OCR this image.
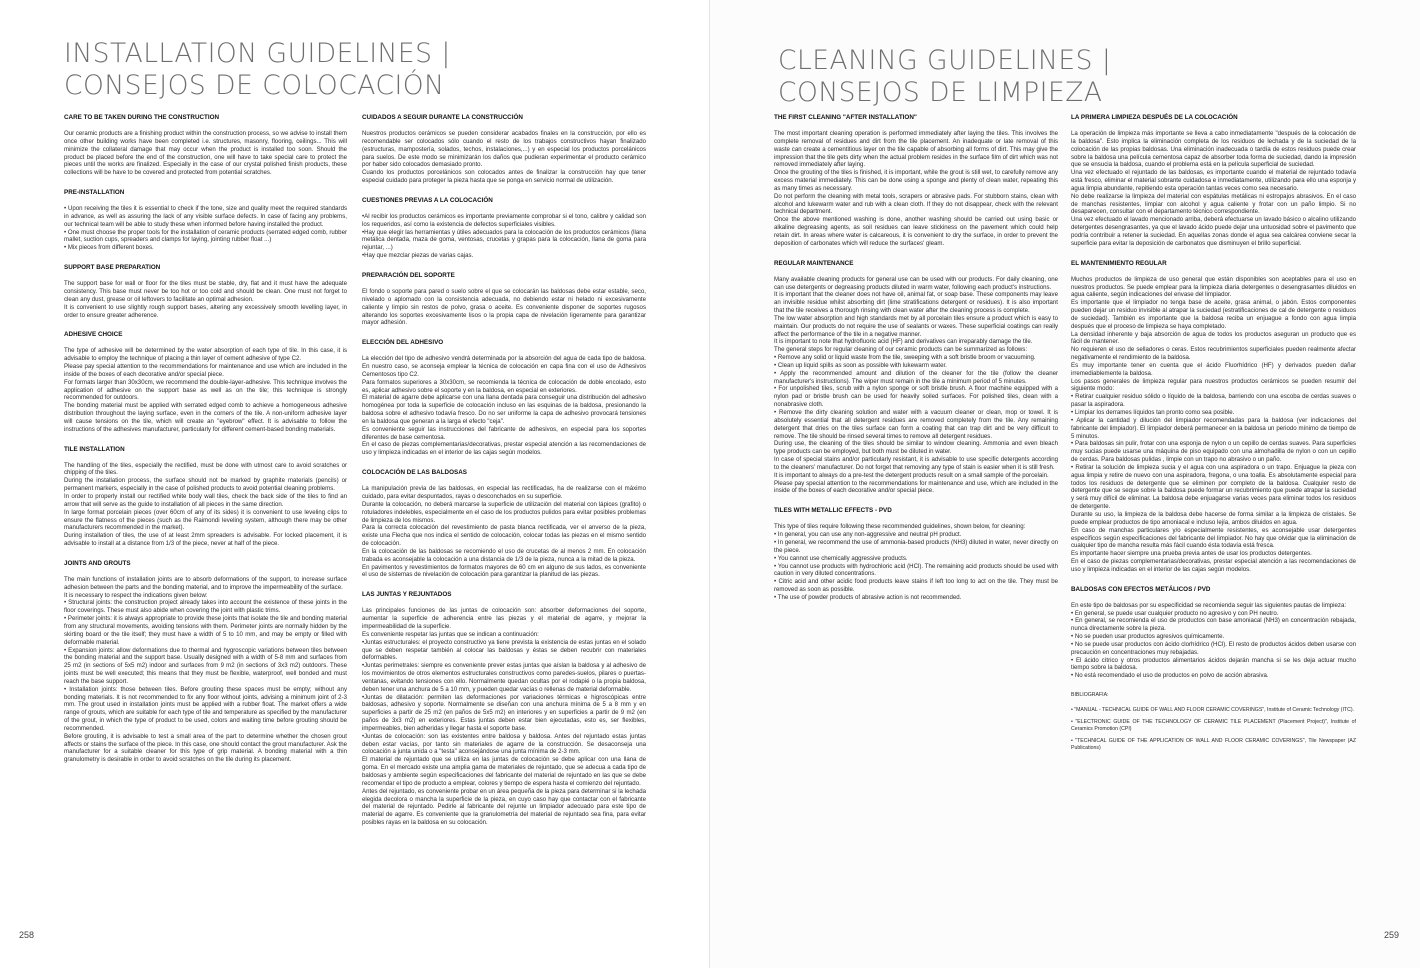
INSTALLATION GUIDELINES |
CONSEJOS DE COLOCACIÓN
CARE TO BE TAKEN DURING THE CONSTRUCTION

Our ceramic products are a finishing product within the construction process, so we advise to install them once other building works have been completed i.e. structures, masonry, flooring, ceilings... This will minimize the collateral damage that may occur when the product is installed too soon. Should the product be placed before the end of the construction, one will have to take special care to protect the pieces until the works are finalized. Especially in the case of our crystal polished finish products, these collections will be have to be covered and protected from potential scratches.

PRE-INSTALLATION

• Upon receiving the tiles it is essential to check if the tone, size and quality meet the required standards in advance, as well as assuring the lack of any visible surface defects. In case of facing any problems, our technical team will be able to study these when informed before having installed the product.

• One must choose the proper tools for the installation of ceramic products (serrated edged comb, rubber mallet, suction cups, spreaders and clamps for laying, jointing rubber float ...)

• Mix pieces from different boxes.

SUPPORT BASE PREPARATION

The support base for wall or floor for the tiles must be stable, dry, flat and it must have the adequate consistency. This base must never be too hot or too cold and should be clean. One must not forget to clean any dust, grease or oil leftovers to facilitate an optimal adhesion.

It is convenient to use slightly rough support bases, altering any excessively smooth levelling layer, in order to ensure greater adherence.

ADHESIVE CHOICE

The type of adhesive will be determined by the water absorption of each type of tile. In this case, it is advisable to employ the technique of placing a thin layer of cement adhesive of type C2.

Please pay special attention to the recommendations for maintenance and use which are included in the inside of the boxes of each decorative and/or special piece.

For formats larger than 30x30cm, we recommend the double-layer-adhesive. This technique involves the application of adhesive on the support base as well as on the tile; this technique is strongly recommended for outdoors.

The bonding material must be applied with serrated edged comb to achieve a homogeneous adhesive distribution throughout the laying surface, even in the corners of the tile. A non-uniform adhesive layer will cause tensions on the tile, which will create an "eyebrow" effect. It is advisable to follow the instructions of the adhesives manufacturer, particularly for different cement-based bonding materials.

TILE INSTALLATION

The handling of the tiles, especially the rectified, must be done with utmost care to avoid scratches or chipping of the tiles.

During the installation process, the surface should not be marked by graphite materials (pencils) or permanent markers, especially in the case of polished products to avoid potential cleaning problems.

In order to properly install our rectified white body wall tiles, check the back side of the tiles to find an arrow that will serve as the guide to installation of all pieces in the same direction.

In large format porcelain pieces (over 60cm of any of its sides) it is convenient to use leveling clips to ensure the flatness of the pieces (such as the Raimondi leveling system, although there may be other manufacturers recommended in the market).

During installation of tiles, the use of at least 2mm spreaders is advisable. For locked placement, it is advisable to install at a distance from 1/3 of the piece, never at half of the piece.

JOINTS AND GROUTS

The main functions of installation joints are to absorb deformations of the support, to increase surface adhesion between the parts and the bonding material, and to improve the impermeability of the surface.

It is necessary to respect the indications given below:

• Structural joints: the construction project already takes into account the existence of these joints in the floor coverings. These must also abide when covering the joint with plastic trims.

• Perimeter joints: it is always appropriate to provide these joints that isolate the tile and bonding material from any structural movements, avoiding tensions with them. Perimeter joints are normally hidden by the skirting board or the tile itself; they must have a width of 5 to 10 mm, and may be empty or filled with deformable material.

• Expansion joints: allow deformations due to thermal and hygroscopic variations between tiles between the bonding material and the support base. Usually designed with a width of 5-8 mm and surfaces from 25 m2 (in sections of 5x5 m2) indoor and surfaces from 9 m2 (in sections of 3x3 m2) outdoors. These joints must be well executed; this means that they must be flexible, waterproof, well bonded and must reach the base support.

• Installation joints: those between tiles. Before grouting these spaces must be empty; without any bonding materials. It is not recommended to fix any floor without joints, advising a minimum joint of 2-3 mm. The grout used in installation joints must be applied with a rubber float. The market offers a wide range of grouts, which are suitable for each type of tile and temperature as specified by the manufacturer of the grout, in which the type of product to be used, colors and waiting time before grouting should be recommended.

Before grouting, it is advisable to test a small area of the part to determine whether the chosen grout affects or stains the surface of the piece. In this case, one should contact the grout manufacturer. Ask the manufacturer for a suitable cleaner for this type of grip material. A bonding material with a thin granulometry is desirable in order to avoid scratches on the tile during its placement.

CUIDADOS A SEGUIR DURANTE LA CONSTRUCCIÓN

Nuestros productos cerámicos se pueden considerar acabados finales en la construcción, por ello es recomendable ser colocados sólo cuando el resto de los trabajos constructivos hayan finalizado (estructuras, mampostería, solados, techos, instalaciones,...) y en especial los productos porcelánicos para suelos. De este modo se minimizarán los daños que pudieran experimentar el producto cerámico por haber sido colocados demasiado pronto.

Cuando los productos porcelánicos son colocados antes de finalizar la construcción hay que tener especial cuidado para proteger la pieza hasta que se ponga en servicio normal de utilización.

CUESTIONES PREVIAS A LA COLOCACIÓN

•Al recibir los productos cerámicos es importante previamente comprobar si el tono, calibre y calidad son los requeridos, así como la existencia de defectos superficiales visibles.

•Hay que elegir las herramientas y útiles adecuados para la colocación de los productos cerámicos (llana metálica dentada, maza de goma, ventosas, crucetas y grapas para la colocación, llana de goma para rejuntar, ...)

•Hay que mezclar piezas de varias cajas.

PREPARACIÓN DEL SOPORTE

El fondo o soporte para pared o suelo sobre el que se colocarán las baldosas debe estar estable, seco, nivelado o aplomado con la consistencia adecuada, no debiendo estar ni helado ni excesivamente caliente y limpio sin restos de polvo, grasa o aceite. Es conveniente disponer de soportes rugosos alterando los soportes excesivamente lisos o la propia capa de nivelación ligeramente para garantizar mayor adhesión.

ELECCIÓN DEL ADHESIVO

La elección del tipo de adhesivo vendrá determinada por la absorción del agua de cada tipo de baldosa. En nuestro caso, se aconseja emplear la técnica de colocación en capa fina con el uso de Adhesivos Cementosos tipo C2.

Para formatos superiores a 30x30cm, se recomienda la técnica de colocación de doble encolado, esto es, aplicar adhesivo sobre el soporte y en la baldosa, en especial en exteriores.

El material de agarre debe aplicarse con una llana dentada para conseguir una distribución del adhesivo homogénea por toda la superficie de colocación incluso en las esquinas de la baldosa, presionando la baldosa sobre el adhesivo todavía fresco. Do no ser uniforme la capa de adhesivo provocará tensiones en la baldosa que generan a la larga el efecto "ceja".

Es conveniente seguir las instrucciones del fabricante de adhesivos, en especial para los soportes diferentes de base cementosa.

En el caso de piezas complementarias/decorativas, prestar especial atención a las recomendaciones de uso y limpieza indicadas en el interior de las cajas según modelos.

COLOCACIÓN DE LAS BALDOSAS

La manipulación previa de las baldosas, en especial las rectificadas, ha de realizarse con el máximo cuidado, para evitar despuntados, rayas o desconchados en su superficie.

Durante la colocación, no deberá marcarse la superficie de utilización del material con lápices (grafito) o rotuladores indelebles, especialmente en el caso de los productos pulidos para evitar posibles problemas de limpieza de los mismos.

Para la correcta colocación del revestimiento de pasta blanca rectificada, ver el anverso de la pieza, existe una Flecha que nos indica el sentido de colocación, colocar todas las piezas en el mismo sentido de colocación.

En la colocación de las baldosas se recomiendo el uso de crucetas de al menos 2 mm. En colocación trabada es aconsejable la colocación a una distancia de 1/3 de la pieza, nunca a la mitad de la pieza.

En pavimentos y revestimientos de formatos mayores de 60 cm en alguno de sus lados, es conveniente el uso de sistemas de nivelación de colocación para garantizar la planitud de las piezas.

LAS JUNTAS Y REJUNTADOS

Las principales funciones de las juntas de colocación son: absorber deformaciones del soporte, aumentar la superficie de adherencia entre las piezas y el material de agarre, y mejorar la impermeabilidad de la superficie.

Es conveniente respetar las juntas que se indican a continuación:

•Juntas estructurales: el proyecto constructivo ya tiene prevista la existencia de estas juntas en el solado que se deben respetar también al colocar las baldosas y éstas se deben recubrir con materiales deformables.

•Juntas perimetrales: siempre es conveniente prever estas juntas que aíslan la baldosa y al adhesivo de los movimientos de otros elementos estructurales constructivos como paredes-suelos, pilares o puertas-ventanas, evitando tensiones con ello. Normalmente quedan ocultas por el rodapié o la propia baldosa, deben tener una anchura de 5 a 10 mm, y pueden quedar vacías o rellenas de material deformable.

•Juntas de dilatación: permiten las deformaciones por variaciones térmicas e higroscópicas entre baldosas, adhesivo y soporte. Normalmente se diseñan con una anchura mínima de 5 a 8 mm y en superficies a partir de 25 m2 (en paños de 5x5 m2) en interiores y en superficies a partir de 9 m2 (en paños de 3x3 m2) en exteriores. Estas juntas deben estar bien ejecutadas, esto es, ser flexibles, impermeables, bien adheridas y llegar hasta el soporte base.

•Juntas de colocación: son las existentes entre baldosa y baldosa. Antes del rejuntado estas juntas deben estar vacías, por tanto sin materiales de agarre de la construcción. Se desaconseja una colocación a junta unida o a "testa" aconsejándose una junta mínima de 2-3 mm.

El material de rejuntado que se utiliza en las juntas de colocación se debe aplicar con una llana de goma. En el mercado existe una amplia gama de materiales de rejuntado, que se adecua a cada tipo de baldosas y ambiente según especificaciones del fabricante del material de rejuntado en las que se debe recomendar el tipo de producto a emplear, colores y tiempo de espera hasta el comienzo del rejuntado.

Antes del rejuntado, es conveniente probar en un área pequeña de la pieza para determinar si la lechada elegida decolora o mancha la superficie de la pieza, en cuyo caso hay que contactar con el fabricante del material de rejuntado. Pedirle al fabricante del rejunte un limpiador adecuado para este tipo de material de agarre. Es conveniente que la granulometría del material de rejuntado sea fina, para evitar posibles rayas en la baldosa en su colocación.

258
CLEANING GUIDELINES |
CONSEJOS DE LIMPIEZA
THE FIRST CLEANING "AFTER INSTALLATION"

The most important cleaning operation is performed immediately after laying the tiles. This involves the complete removal of residues and dirt from the tile placement. An inadequate or late removal of this waste can create a cementitious layer on the tile capable of absorbing all forms of dirt. This may give the impression that the tile gets dirty when the actual problem resides in the surface film of dirt which was not removed immediately after laying.

Once the grouting of the tiles is finished, it is important, while the grout is still wet, to carefully remove any excess material immediately. This can be done using a sponge and plenty of clean water, repeating this as many times as necessary.

Do not perform the cleaning with metal tools, scrapers or abrasive pads. For stubborn stains, clean with alcohol and lukewarm water and rub with a clean cloth. If they do not disappear, check with the relevant technical department.

Once the above mentioned washing is done, another washing should be carried out using basic or alkaline degreasing agents, as soil residues can leave stickiness on the pavement which could help retain dirt. In areas where water is calcareous, it is convenient to dry the surface, in order to prevent the deposition of carbonates which will reduce the surfaces' gleam.

REGULAR MAINTENANCE

Many available cleaning products for general use can be used with our products. For daily cleaning, one can use detergents or degreasing products diluted in warm water, following each product's instructions.

It is important that the cleaner does not have oil, animal fat, or soap base. These components may leave an invisible residue whilst absorbing dirt (lime stratifications detergent or residues). It is also important that the tile receives a thorough rinsing with clean water after the cleaning process is complete.

The low water absorption and high standards met by all porcelain tiles ensure a product which is easy to maintain. Our products do not require the use of sealants or waxes. These superficial coatings can really affect the performance of the tile in a negative manner.

It is important to note that hydrofluoric acid (HF) and derivatives can irreparably damage the tile.

The general steps for regular cleaning of our ceramic products can be summarized as follows:

• Remove any solid or liquid waste from the tile, sweeping with a soft bristle broom or vacuuming.

• Clean up liquid spills as soon as possible with lukewarm water.

• Apply the recommended amount and dilution of the cleaner for the tile (follow the cleaner manufacturer's instructions). The wiper must remain in the tile a minimum period of 5 minutes.

• For unpolished tiles, scrub with a nylon sponge or soft bristle brush. A floor machine equipped with a nylon pad or bristle brush can be used for heavily soiled surfaces. For polished tiles, clean with a nonabrasive cloth.

• Remove the dirty cleaning solution and water with a vacuum cleaner or clean, mop or towel. It is absolutely essential that all detergent residues are removed completely from the tile. Any remaining detergent that dries on the tiles surface can form a coating that can trap dirt and be very difficult to remove. The tile should be rinsed several times to remove all detergent residues.

During use, the cleaning of the tiles should be similar to window cleaning. Ammonia and even bleach type products can be employed, but both must be diluted in water.

In case of special stains and/or particularly resistant, it is advisable to use specific detergents according to the cleaners' manufacturer. Do not forget that removing any type of stain is easier when it is still fresh.

It is important to always do a pre-test the detergent products result on a small sample of the porcelain.

Please pay special attention to the recommendations for maintenance and use, which are included in the inside of the boxes of each decorative and/or special piece.

TILES WITH METALLIC EFFECTS - PVD

This type of tiles require following these recommended guidelines, shown below, for cleaning:

• In general, you can use any non-aggressive and neutral pH product.

• In general, we recommend the use of ammonia-based products (NH3) diluted in water, never directly on the piece.

• You cannot use chemically aggressive products.

• You cannot use products with hydrochloric acid (HCl). The remaining acid products should be used with caution in very diluted concentrations.

• Citric acid and other acidic food products leave stains if left too long to act on the tile. They must be removed as soon as possible.

• The use of powder products of abrasive action is not recommended.

LA PRIMERA LIMPIEZA DESPUÉS DE LA COLOCACIÓN

La operación de limpieza más importante se lleva a cabo inmediatamente "después de la colocación de la baldosa". Esto implica la eliminación completa de los residuos de lechada y de la suciedad de la colocación de las propias baldosas. Una eliminación inadecuada o tardía de estos residuos puede crear sobre la baldosa una película cementosa capaz de absorber toda forma de suciedad, dando la impresión que se ensucia la baldosa, cuando el problema está en la película superficial de suciedad.

Una vez efectuado el rejuntado de las baldosas, es importante cuando el material de rejuntado todavía está fresco, eliminar el material sobrante cuidadosa e inmediatamente, utilizando para ello una esponja y agua limpia abundante, repitiendo esta operación tantas veces como sea necesario.

No debe realizarse la limpieza del material con espátulas metálicas ni estropajos abrasivos. En el caso de manchas resistentes, limpiar con alcohol y agua caliente y frotar con un paño limpio. Si no desaparecen, consultar con el departamento técnico correspondiente.

Una vez efectuado el lavado mencionado arriba, deberá efectuarse un lavado básico o alcalino utilizando detergentes desengrasantes, ya que el lavado ácido puede dejar una untuosidad sobre el pavimento que podría contribuir a retener la suciedad. En aquellas zonas donde el agua sea calcárea conviene secar la superficie para evitar la deposición de carbonatos que disminuyen el brillo superficial.

EL MANTENIMIENTO REGULAR

Muchos productos de limpieza de uso general que están disponibles son aceptables para el uso en nuestros productos. Se puede emplear para la limpieza diaria detergentes o desengrasantes diluidos en agua caliente, según indicaciones del envase del limpiador.

Es importante que el limpiador no tenga base de aceite, grasa animal, o jabón. Estos componentes pueden dejar un residuo invisible al atrapar la suciedad (estratificaciones de cal de detergente o residuos de suciedad). También es importante que la baldosa reciba un enjuague a fondo con agua limpia después que el proceso de limpieza se haya completado.

La densidad inherente y baja absorción de agua de todos los productos aseguran un producto que es fácil de mantener.

No requieren el uso de selladores o ceras. Estos recubrimientos superficiales pueden realmente afectar negativamente el rendimiento de la baldosa.

Es muy importante tener en cuenta que el ácido Fluorhídrico (HF) y derivados pueden dañar irremediablemente la baldosa.

Los pasos generales de limpieza regular para nuestros productos cerámicos se pueden resumir del siguiente modo:

• Retirar cualquier residuo sólido o líquido de la baldosa, barriendo con una escoba de cerdas suaves o pasar la aspiradora.

• Limpiar los derrames líquidos tan pronto como sea posible.

• Aplicar la cantidad y dilución del limpiador recomendadas para la baldosa (ver indicaciones del fabricante del limpiador). El limpiador deberá permanecer en la baldosa un periodo mínimo de tiempo de 5 minutos.

• Para baldosas sin pulir, frotar con una esponja de nylon o un cepillo de cerdas suaves. Para superficies muy sucias puede usarse una máquina de piso equipado con una almohadilla de nylon o con un cepillo de cerdas. Para baldosas pulidas , limpie con un trapo no abrasivo o un paño.

• Retirar la solución de limpieza sucia y el agua con una aspiradora o un trapo. Enjuague la pieza con agua limpia y retire de nuevo con una aspiradora, fregona, o una toalla. Es absolutamente especial para todos los residuos de detergente que se eliminen por completo de la baldosa. Cualquier resto de detergente que se seque sobre la baldosa puede formar un recubrimiento que puede atrapar la suciedad y será muy difícil de eliminar. La baldosa debe enjuagarse varias veces para eliminar todos los residuos de detergente.

Durante su uso, la limpieza de la baldosa debe hacerse de forma similar a la limpieza de cristales. Se puede emplear productos de tipo amoniacal e incluso lejía, ambos diluidos en agua.

En caso de manchas particulares y/o especialmente resistentes, es aconsejable usar detergentes específicos según especificaciones del fabricante del limpiador. No hay que olvidar que la eliminación de cualquier tipo de mancha resulta más fácil cuando ésta todavía está fresca.

Es importante hacer siempre una prueba previa antes de usar los productos detergentes.

En el caso de piezas complementarias/decorativas, prestar especial atención a las recomendaciones de uso y limpieza indicadas en el interior de las cajas según modelos.

BALDOSAS CON EFECTOS METÁLICOS / PVD

En este tipo de baldosas por su especificidad se recomienda seguir las siguientes pautas de limpieza:

• En general, se puede usar cualquier producto no agresivo y con PH neutro.

• En general, se recomienda el uso de productos con base amoniacal (NH3) en concentración rebajada, nunca directamente sobre la pieza.

• No se pueden usar productos agresivos químicamente.

• No se puede usar productos con ácido clorhídrico (HCl). El resto de productos ácidos deben usarse con precaución en concentraciones muy rebajadas.

• El ácido cítrico y otros productos alimentarios ácidos dejarán mancha si se les deja actuar mucho tiempo sobre la baldosa.

• No está recomendado el uso de productos en polvo de acción abrasiva.

BIBLIOGRAFIA:

• "MANUAL - TECHNICAL GUIDE OF WALL AND FLOOR CERAMIC COVERINGS", Institute of Ceramic Technology (ITC).

• "ELECTRONIC GUIDE OF THE TECHNOLOGY OF CERAMIC TILE PLACEMENT (Placement Project)", Institute of Ceramics Promotion (CPI)

• "TECHNICAL GUIDE OF THE APPLICATION OF WALL AND FLOOR CERAMIC COVERINGS", Tile Newspaper (AZ Publications)

259
